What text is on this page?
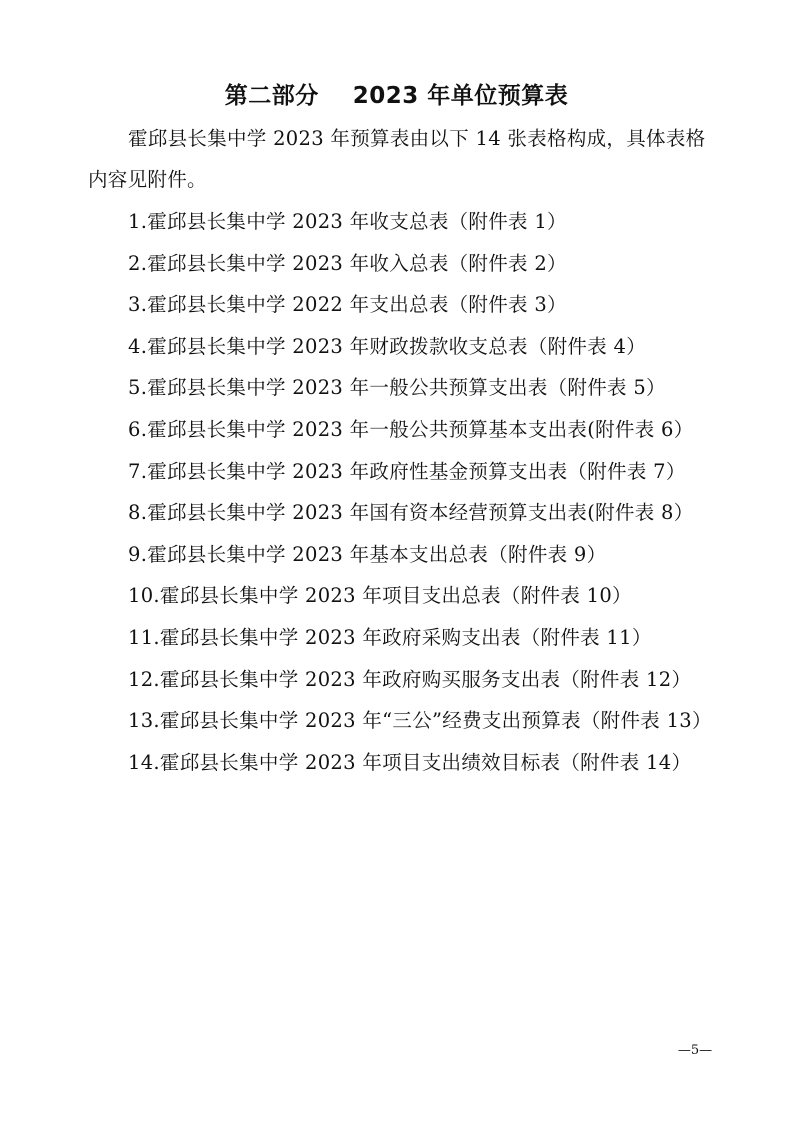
第二部分    2023 年单位预算表

霍邱县长集中学 2023 年预算表由以下 14 张表格构成，具体表格内容见附件。

1.霍邱县长集中学 2023 年收支总表（附件表 1）
2.霍邱县长集中学 2023 年收入总表（附件表 2）
3.霍邱县长集中学 2022 年支出总表（附件表 3）
4.霍邱县长集中学 2023 年财政拨款收支总表（附件表 4）
5.霍邱县长集中学 2023 年一般公共预算支出表（附件表 5）
6.霍邱县长集中学 2023 年一般公共预算基本支出表(附件表 6）
7.霍邱县长集中学 2023 年政府性基金预算支出表（附件表 7）
8.霍邱县长集中学 2023 年国有资本经营预算支出表(附件表 8）
9.霍邱县长集中学 2023 年基本支出总表（附件表 9）
10.霍邱县长集中学 2023 年项目支出总表（附件表 10）
11.霍邱县长集中学 2023 年政府采购支出表（附件表 11）
12.霍邱县长集中学 2023 年政府购买服务支出表（附件表 12）
13.霍邱县长集中学 2023 年“三公”经费支出预算表（附件表 13）
14.霍邱县长集中学 2023 年项目支出绩效目标表（附件表 14）
—5—
